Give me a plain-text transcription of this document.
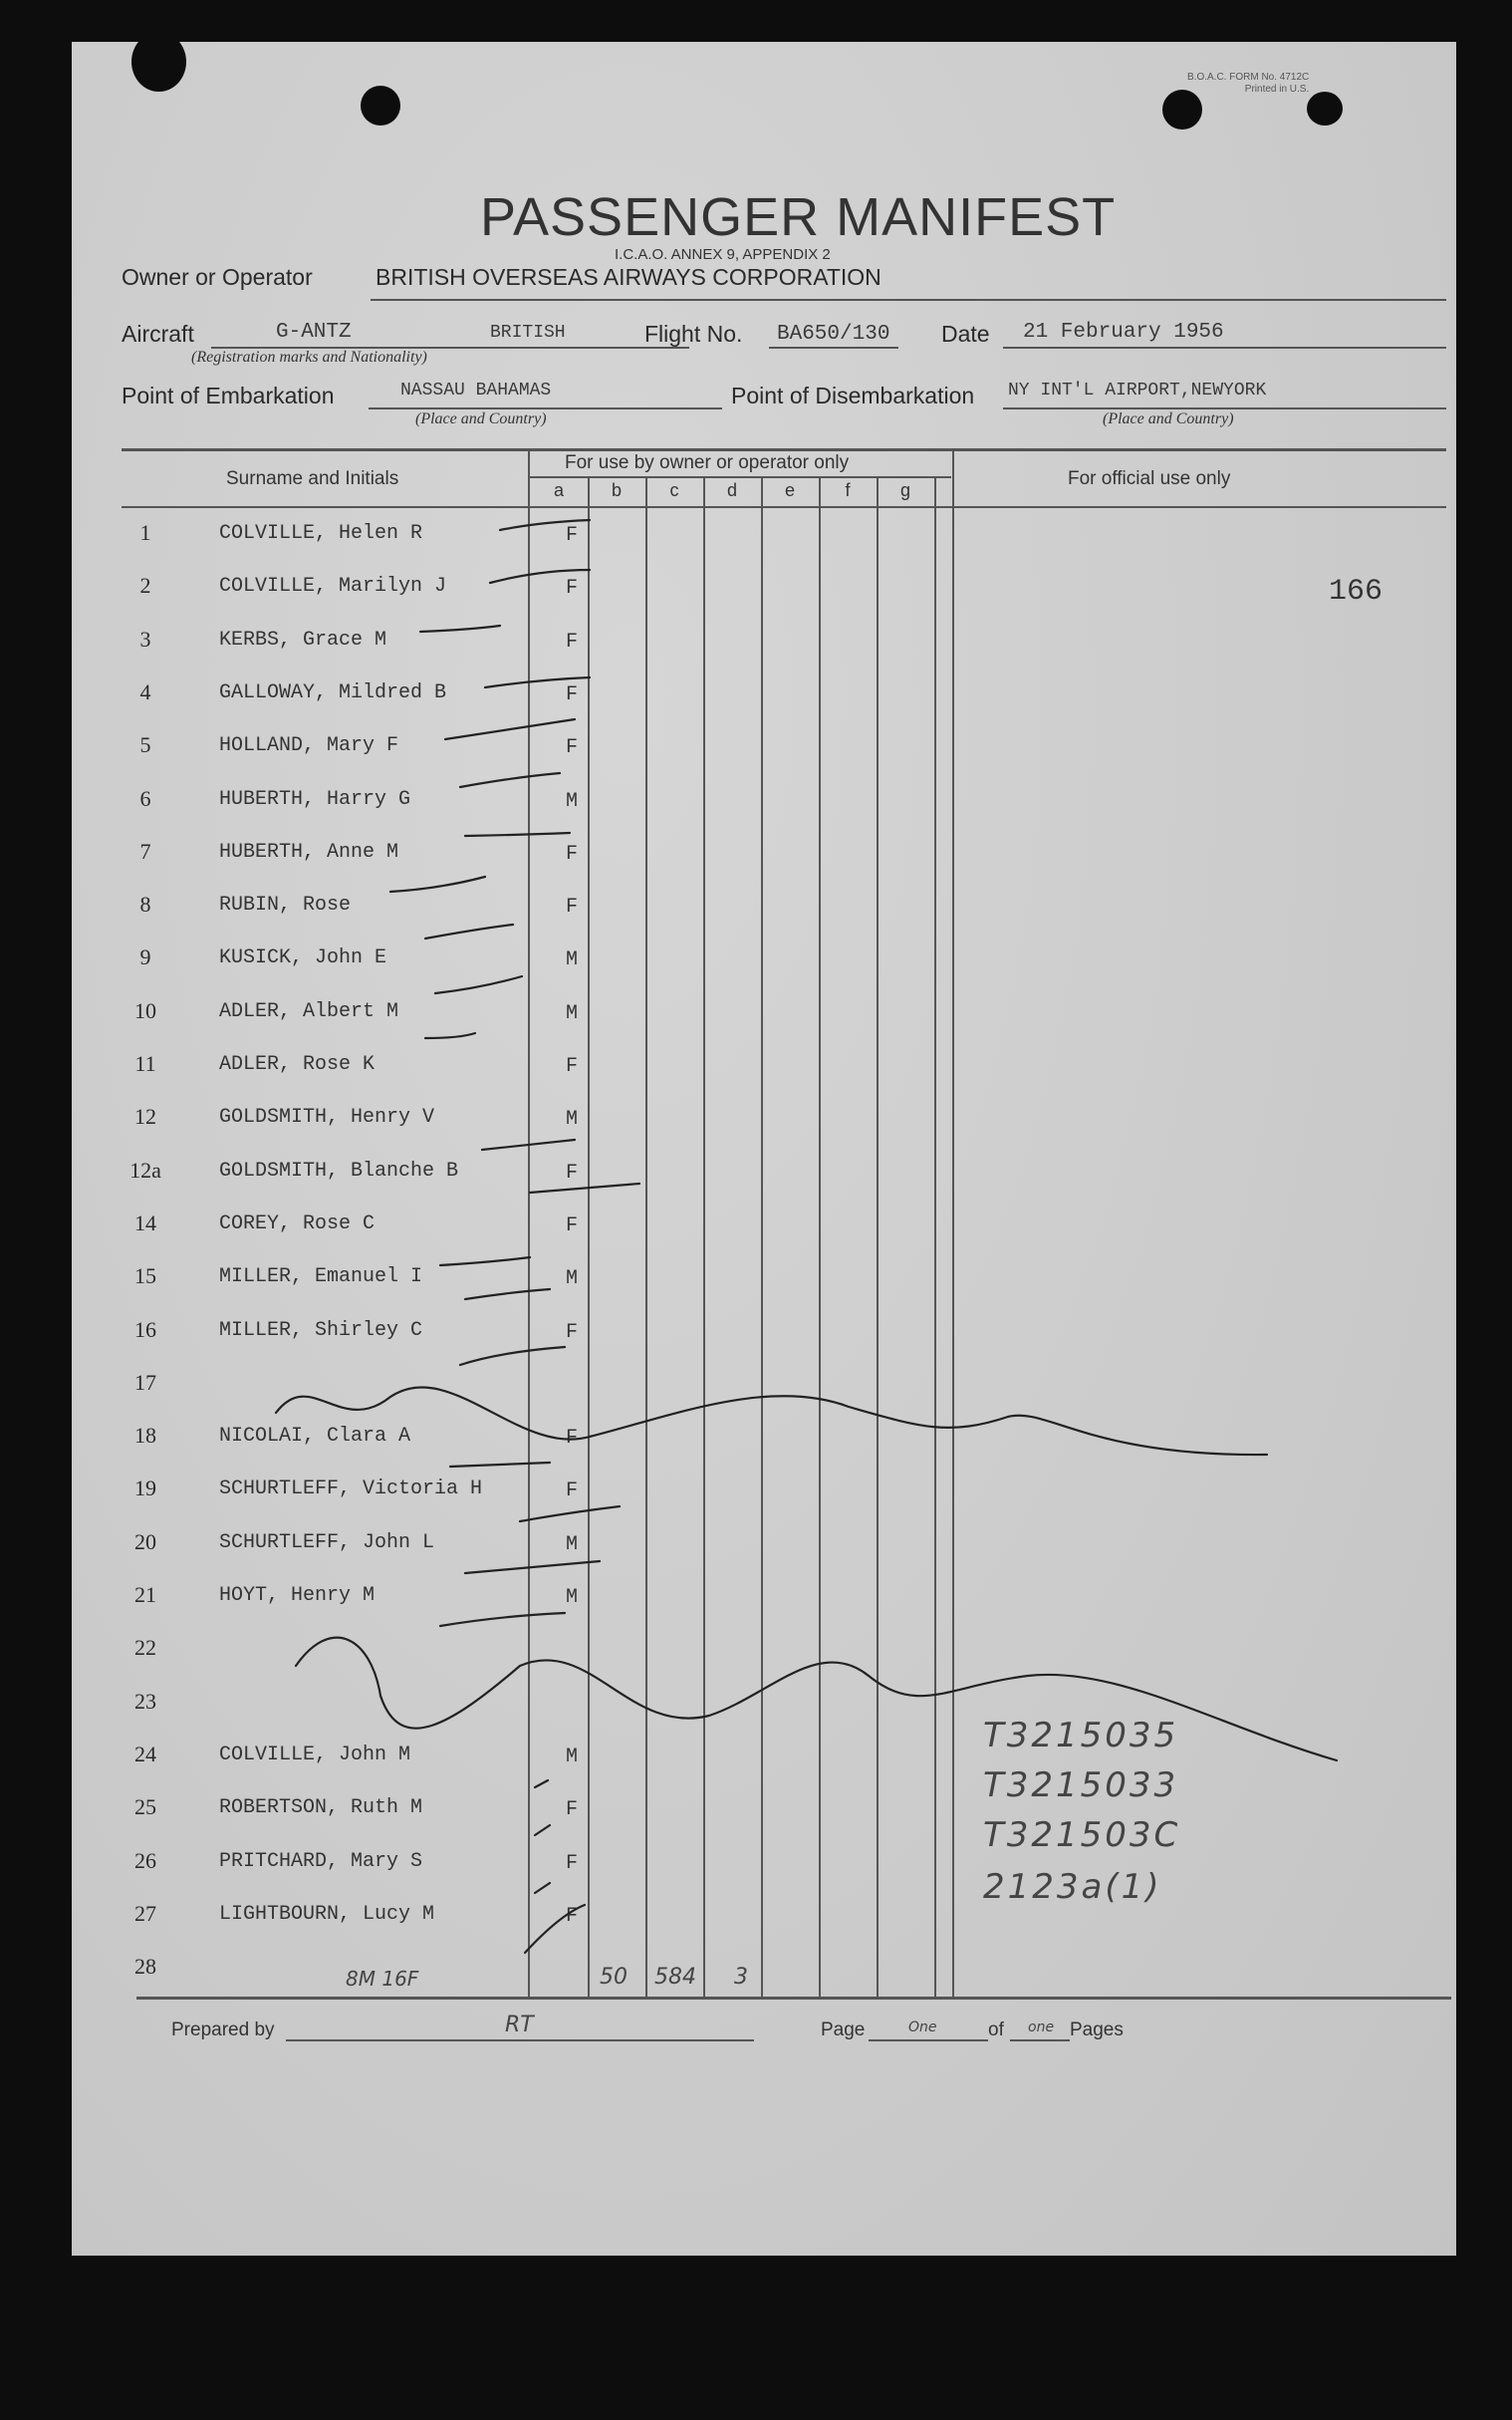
B.O.A.C. FORM No. 4712C
Printed in U.S.
PASSENGER MANIFEST
I.C.A.O. ANNEX 9, APPENDIX 2
Owner or Operator	BRITISH OVERSEAS AIRWAYS CORPORATION
Aircraft	G-ANTZ	BRITISH
(Registration marks and Nationality)
Flight No. BA650/130 Date 21 February 1956
Point of Embarkation	NASSAU BAHAMAS
(Place and Country)
Point of Disembarkation NY INT'L AIRPORT,NEWYORK
(Place and Country)
Surname and Initials
For use by owner or operator only
For official use only
a	b	c	d	e	f	g
1	COLVILLE, Helen R	F
2	COLVILLE, Marilyn J	F
3	KERBS, Grace M	F
4	GALLOWAY, Mildred B	F
5	HOLLAND, Mary F	F
6	HUBERTH, Harry G	M
7	HUBERTH, Anne M	F
8	RUBIN, Rose	F
9	KUSICK, John E	M
10	ADLER, Albert M	M
11	ADLER, Rose K	F
12	GOLDSMITH, Henry V	M
12a	GOLDSMITH, Blanche B	F
14	COREY, Rose C	F
15	MILLER, Emanuel I	M
16	MILLER, Shirley C	F
17
18	NICOLAI, Clara A	F
19	SCHURTLEFF, Victoria H	F
20	SCHURTLEFF, John L	M
21	HOYT, Henry M	M
22
23
24	COLVILLE, John M	M
25	ROBERTSON, Ruth M	F
26	PRITCHARD, Mary S	F
27	LIGHTBOURN, Lucy M	F
28
166
T3215035
T3215033
T321503C
2123a(1)
8M 16F	50 584 3
Prepared by	RT	Page	One	of one Pages
